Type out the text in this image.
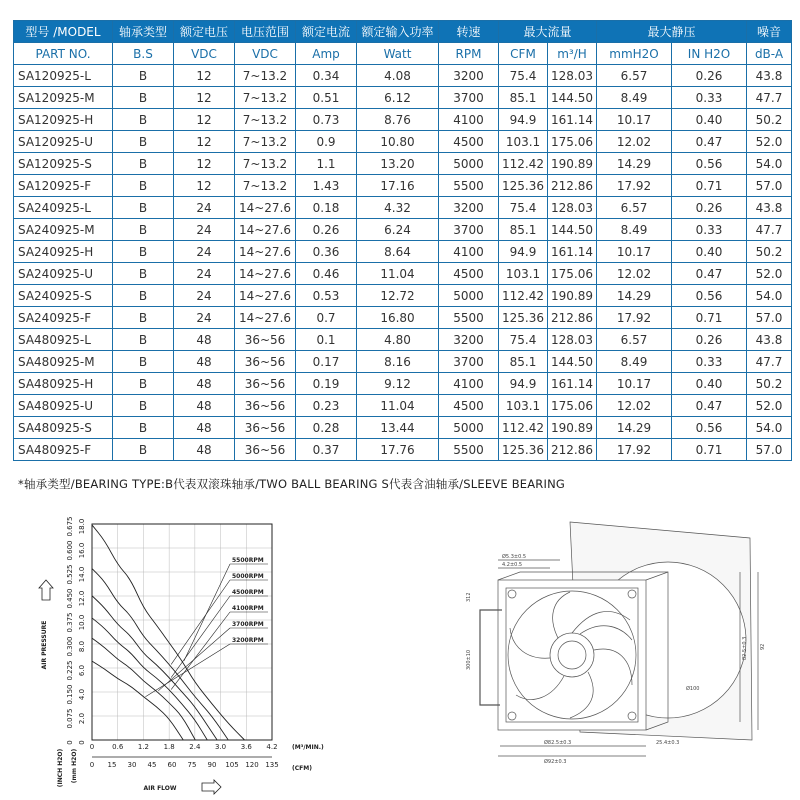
型号 /MODEL	轴承类型	额定电压	电压范围	额定电流	额定输入功率	转速	最大流量		最大静压		噪音
PART NO.	B.S	VDC	VDC	Amp	Watt	RPM	CFM	m³/H	mmH2O	IN H2O	dB-A
SA120925-L	B	12	7~13.2	0.34	4.08	3200	75.4	128.03	6.57	0.26	43.8
SA120925-M	B	12	7~13.2	0.51	6.12	3700	85.1	144.50	8.49	0.33	47.7
SA120925-H	B	12	7~13.2	0.73	8.76	4100	94.9	161.14	10.17	0.40	50.2
SA120925-U	B	12	7~13.2	0.9	10.80	4500	103.1	175.06	12.02	0.47	52.0
SA120925-S	B	12	7~13.2	1.1	13.20	5000	112.42	190.89	14.29	0.56	54.0
SA120925-F	B	12	7~13.2	1.43	17.16	5500	125.36	212.86	17.92	0.71	57.0
SA240925-L	B	24	14~27.6	0.18	4.32	3200	75.4	128.03	6.57	0.26	43.8
SA240925-M	B	24	14~27.6	0.26	6.24	3700	85.1	144.50	8.49	0.33	47.7
SA240925-H	B	24	14~27.6	0.36	8.64	4100	94.9	161.14	10.17	0.40	50.2
SA240925-U	B	24	14~27.6	0.46	11.04	4500	103.1	175.06	12.02	0.47	52.0
SA240925-S	B	24	14~27.6	0.53	12.72	5000	112.42	190.89	14.29	0.56	54.0
SA240925-F	B	24	14~27.6	0.7	16.80	5500	125.36	212.86	17.92	0.71	57.0
SA480925-L	B	48	36~56	0.1	4.80	3200	75.4	128.03	6.57	0.26	43.8
SA480925-M	B	48	36~56	0.17	8.16	3700	85.1	144.50	8.49	0.33	47.7
SA480925-H	B	48	36~56	0.19	9.12	4100	94.9	161.14	10.17	0.40	50.2
SA480925-U	B	48	36~56	0.23	11.04	4500	103.1	175.06	12.02	0.47	52.0
SA480925-S	B	48	36~56	0.28	13.44	5000	112.42	190.89	14.29	0.56	54.0
SA480925-F	B	48	36~56	0.37	17.76	5500	125.36	212.86	17.92	0.71	57.0
*轴承类型/BEARING TYPE:B代表双滚珠轴承/TWO BALL BEARING S代表含油轴承/SLEEVE BEARING
0
0.075
0.150
0.225
0.300
0.375
0.450
0.525
0.600
0.675
0
2.0
4.0
6.0
8.0
10.0
12.0
14.0
16.0
18.0
0	0.6 1.2 1.8 2.4 3.0 3.6 4.2
0 15 30 45 60 75 90 105 120 135
(M³/MIN.)
(CFM)
(INCH H2O) (mm H2O)
AIR FLOW
AIR PRESSURE
5500RPM
5000RPM
4500RPM
4100RPM
3700RPM
3200RPM
Ø5.3±0.5
4.2±0.5
312
300±10
Ø100
82.5±0.3 92
Ø82.5±0.3
Ø92±0.3
25.4±0.3
